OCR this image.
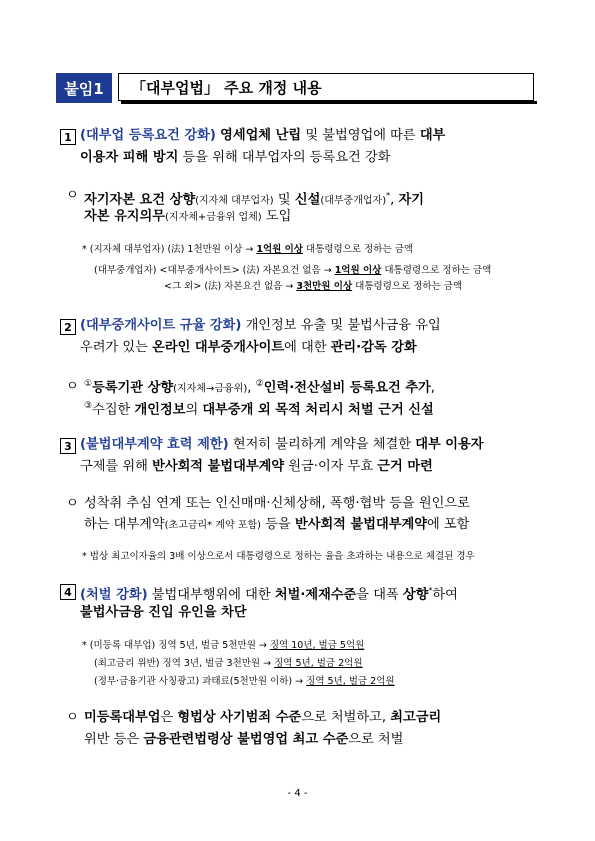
붙임1	「대부업법」 주요 개정 내용
1 (대부업 등록요건 강화) 영세업체 난립 및 불법영업에 따른 대부
이용자 피해 방지 등을 위해 대부업자의 등록요건 강화
ㅇ 자기자본 요건 상향(지자체 대부업자) 및 신설(대부중개업자)*, 자기
자본 유지의무(지자체+금융위 업체) 도입
* (지자체 대부업자) (法) 1천만원 이상 → 1억원 이상 대통령령으로 정하는 금액
(대부중개업자) <대부중개사이트> (法) 자본요건 없음 → 1억원 이상 대통령령으로 정하는 금액
<그 외> (法) 자본요건 없음 → 3천만원 이상 대통령령으로 정하는 금액
2 (대부중개사이트 규율 강화) 개인정보 유출 및 불법사금융 유입
우려가 있는 온라인 대부중개사이트에 대한 관리·감독 강화
ㅇ ①등록기관 상향(지자체→금융위), ②인력·전산설비 등록요건 추가,
③수집한 개인정보의 대부중개 외 목적 처리시 처벌 근거 신설
3 (불법대부계약 효력 제한) 현저히 불리하게 계약을 체결한 대부 이용자
구제를 위해 반사회적 불법대부계약 원금·이자 무효 근거 마련
ㅇ 성착취 추심 연계 또는 인신매매·신체상해, 폭행·협박 등을 원인으로
하는 대부계약(초고금리* 계약 포함) 등을 반사회적 불법대부계약에 포함
* 법상 최고이자율의 3배 이상으로서 대통령령으로 정하는 율을 초과하는 내용으로 체결된 경우
4 (처벌 강화) 불법대부행위에 대한 처벌·제재수준을 대폭 상향*하여
불법사금융 진입 유인을 차단
* (미등록 대부업) 징역 5년, 벌금 5천만원 → 징역 10년, 벌금 5억원
(최고금리 위반) 징역 3년, 벌금 3천만원 → 징역 5년, 벌금 2억원
(정부·금융기관 사칭광고) 과태료(5천만원 이하) → 징역 5년, 벌금 2억원
ㅇ 미등록대부업은 형법상 사기범죄 수준으로 처벌하고, 최고금리
위반 등은 금융관련법령상 불법영업 최고 수준으로 처벌
- 4 -
